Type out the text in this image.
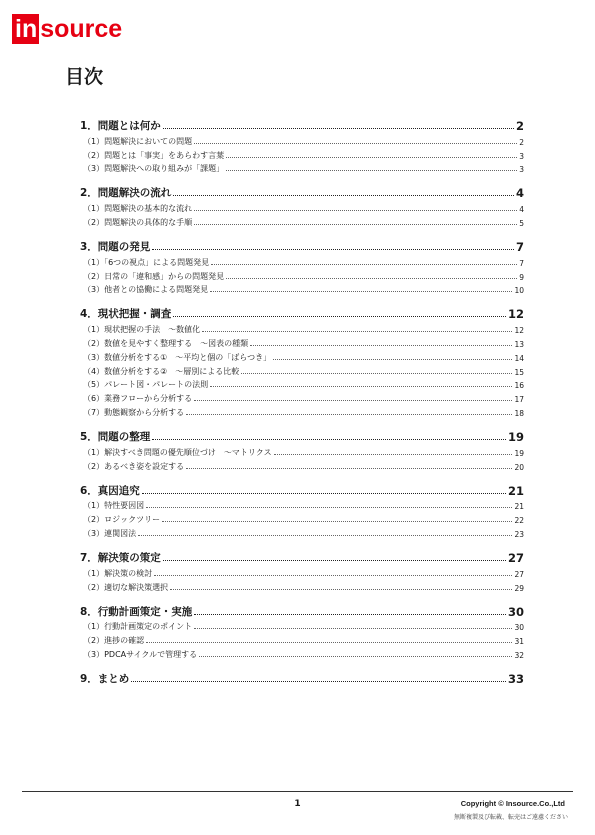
in source
目次
1．問題とは何か	2
（1）問題解決においての問題	2
（2）問題とは「事実」をあらわす言葉	3
（3）問題解決への取り組みが「課題」	3
2．問題解決の流れ	4
（1）問題解決の基本的な流れ	4
（2）問題解決の具体的な手順	5
3．問題の発見	7
（1）「6つの視点」による問題発見	7
（2）日常の「違和感」からの問題発見	9
（3）他者との協働による問題発見	10
4．現状把握・調査	12
（1）現状把握の手法　～数値化	12
（2）数値を見やすく整理する　～図表の種類	13
（3）数値分析をする①　～平均と個の「ばらつき」	14
（4）数値分析をする②　～層別による比較	15
（5）パレート図・パレートの法則	16
（6）業務フローから分析する	17
（7）動態観察から分析する	18
5．問題の整理	19
（1）解決すべき問題の優先順位づけ　～マトリクス	19
（2）あるべき姿を設定する	20
6．真因追究	21
（1）特性要因図	21
（2）ロジックツリー	22
（3）連関図法	23
7．解決策の策定	27
（1）解決策の検討	27
（2）適切な解決策選択	29
8．行動計画策定・実施	30
（1）行動計画策定のポイント	30
（2）進捗の確認	31
（3）PDCAサイクルで管理する	32
9．まとめ	33
1	Copyright © Insource.Co.,Ltd
無断複製及び転載、転売はご遠慮ください
